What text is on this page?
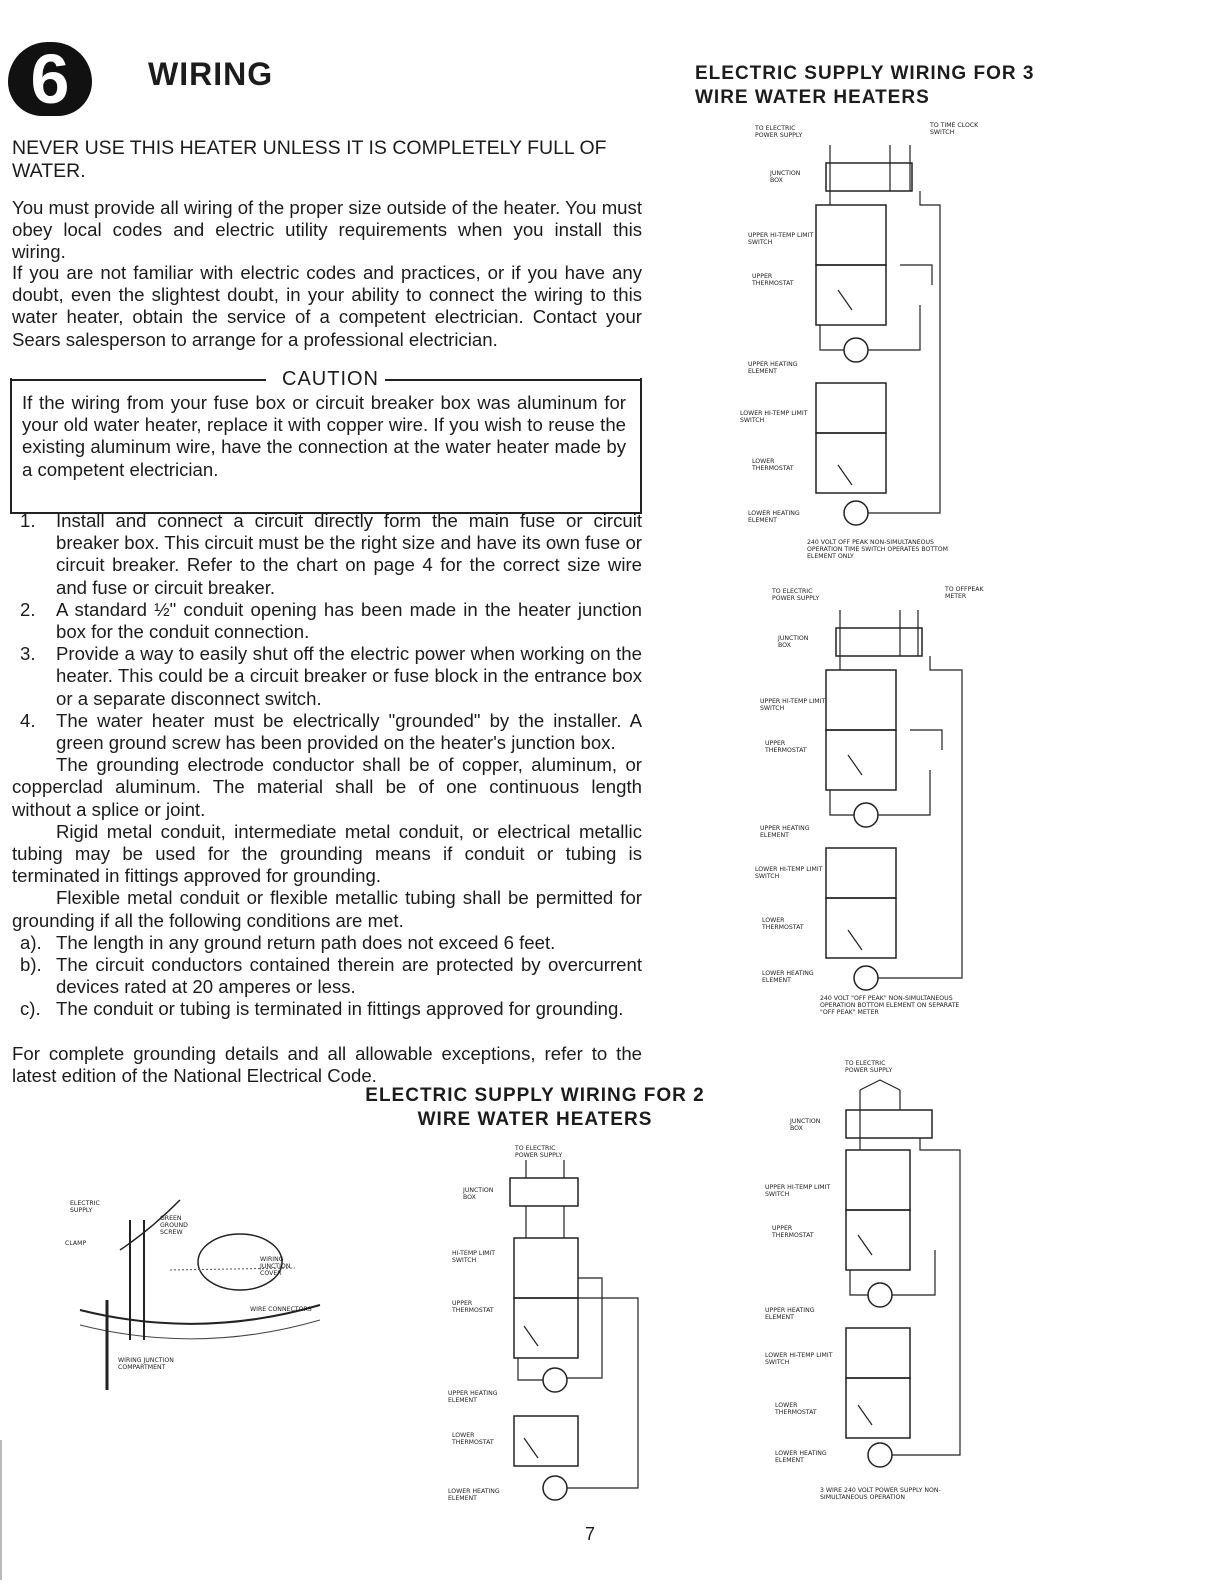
6	WIRING
NEVER USE THIS HEATER UNLESS IT IS COMPLETELY FULL OF WATER.
You must provide all wiring of the proper size outside of the heater. You must obey local codes and electric utility requirements when you install this wiring.
If you are not familiar with electric codes and practices, or if you have any doubt, even the slightest doubt, in your ability to connect the wiring to this water heater, obtain the service of a competent electrician. Contact your Sears salesperson to arrange for a professional electrician.
CAUTION
If the wiring from your fuse box or circuit breaker box was aluminum for your old water heater, replace it with copper wire. If you wish to reuse the existing aluminum wire, have the connection at the water heater made by a competent electrician.
1. Install and connect a circuit directly form the main fuse or circuit breaker box. This circuit must be the right size and have its own fuse or circuit breaker. Refer to the chart on page 4 for the correct size wire and fuse or circuit breaker.
2. A standard ½" conduit opening has been made in the heater junction box for the conduit connection.
3. Provide a way to easily shut off the electric power when working on the heater. This could be a circuit breaker or fuse block in the entrance box or a separate disconnect switch.
4. The water heater must be electrically "grounded" by the installer. A green ground screw has been provided on the heater's junction box.
The grounding electrode conductor shall be of copper, aluminum, or copperclad aluminum. The material shall be of one continuous length without a splice or joint.
Rigid metal conduit, intermediate metal conduit, or electrical metallic tubing may be used for the grounding means if conduit or tubing is terminated in fittings approved for grounding.
Flexible metal conduit or flexible metallic tubing shall be permitted for grounding if all the following conditions are met.
a). The length in any ground return path does not exceed 6 feet.
b). The circuit conductors contained therein are protected by overcurrent devices rated at 20 amperes or less.
c). The conduit or tubing is terminated in fittings approved for grounding.
For complete grounding details and all allowable exceptions, refer to the latest edition of the National Electrical Code.
ELECTRIC SUPPLY WIRING FOR 3 WIRE WATER HEATERS
ELECTRIC SUPPLY WIRING FOR 2 WIRE WATER HEATERS
ELECTRIC SUPPLY
CLAMP
GREEN GROUND SCREW
WIRING JUNCTION COVER
WIRE CONNECTORS
WIRING JUNCTION COMPARTMENT
TO ELECTRIC POWER SUPPLY
TO TIME CLOCK SWITCH
JUNCTION BOX
UPPER HI-TEMP LIMIT SWITCH
UPPER THERMOSTAT
UPPER HEATING ELEMENT
LOWER HI-TEMP LIMIT SWITCH
LOWER THERMOSTAT
LOWER HEATING ELEMENT
240 VOLT OFF PEAK NON-SIMULTANEOUS OPERATION TIME SWITCH OPERATES BOTTOM ELEMENT ONLY
TO ELECTRIC POWER SUPPLY
TO OFFPEAK METER
JUNCTION BOX
UPPER HI-TEMP LIMIT SWITCH
UPPER THERMOSTAT
UPPER HEATING ELEMENT
LOWER HI-TEMP LIMIT SWITCH
LOWER THERMOSTAT
LOWER HEATING ELEMENT
240 VOLT "OFF PEAK" NON-SIMULTANEOUS OPERATION BOTTOM ELEMENT ON SEPARATE "OFF PEAK" METER
TO ELECTRIC POWER SUPPLY
JUNCTION BOX
UPPER HI-TEMP LIMIT SWITCH
UPPER THERMOSTAT
UPPER HEATING ELEMENT
LOWER HI-TEMP LIMIT SWITCH
LOWER THERMOSTAT
LOWER HEATING ELEMENT
3 WIRE 240 VOLT POWER SUPPLY NON-SIMULTANEOUS OPERATION
TO ELECTRIC POWER SUPPLY
JUNCTION BOX
HI-TEMP LIMIT SWITCH
UPPER THERMOSTAT
UPPER HEATING ELEMENT
LOWER THERMOSTAT
LOWER HEATING ELEMENT
7
